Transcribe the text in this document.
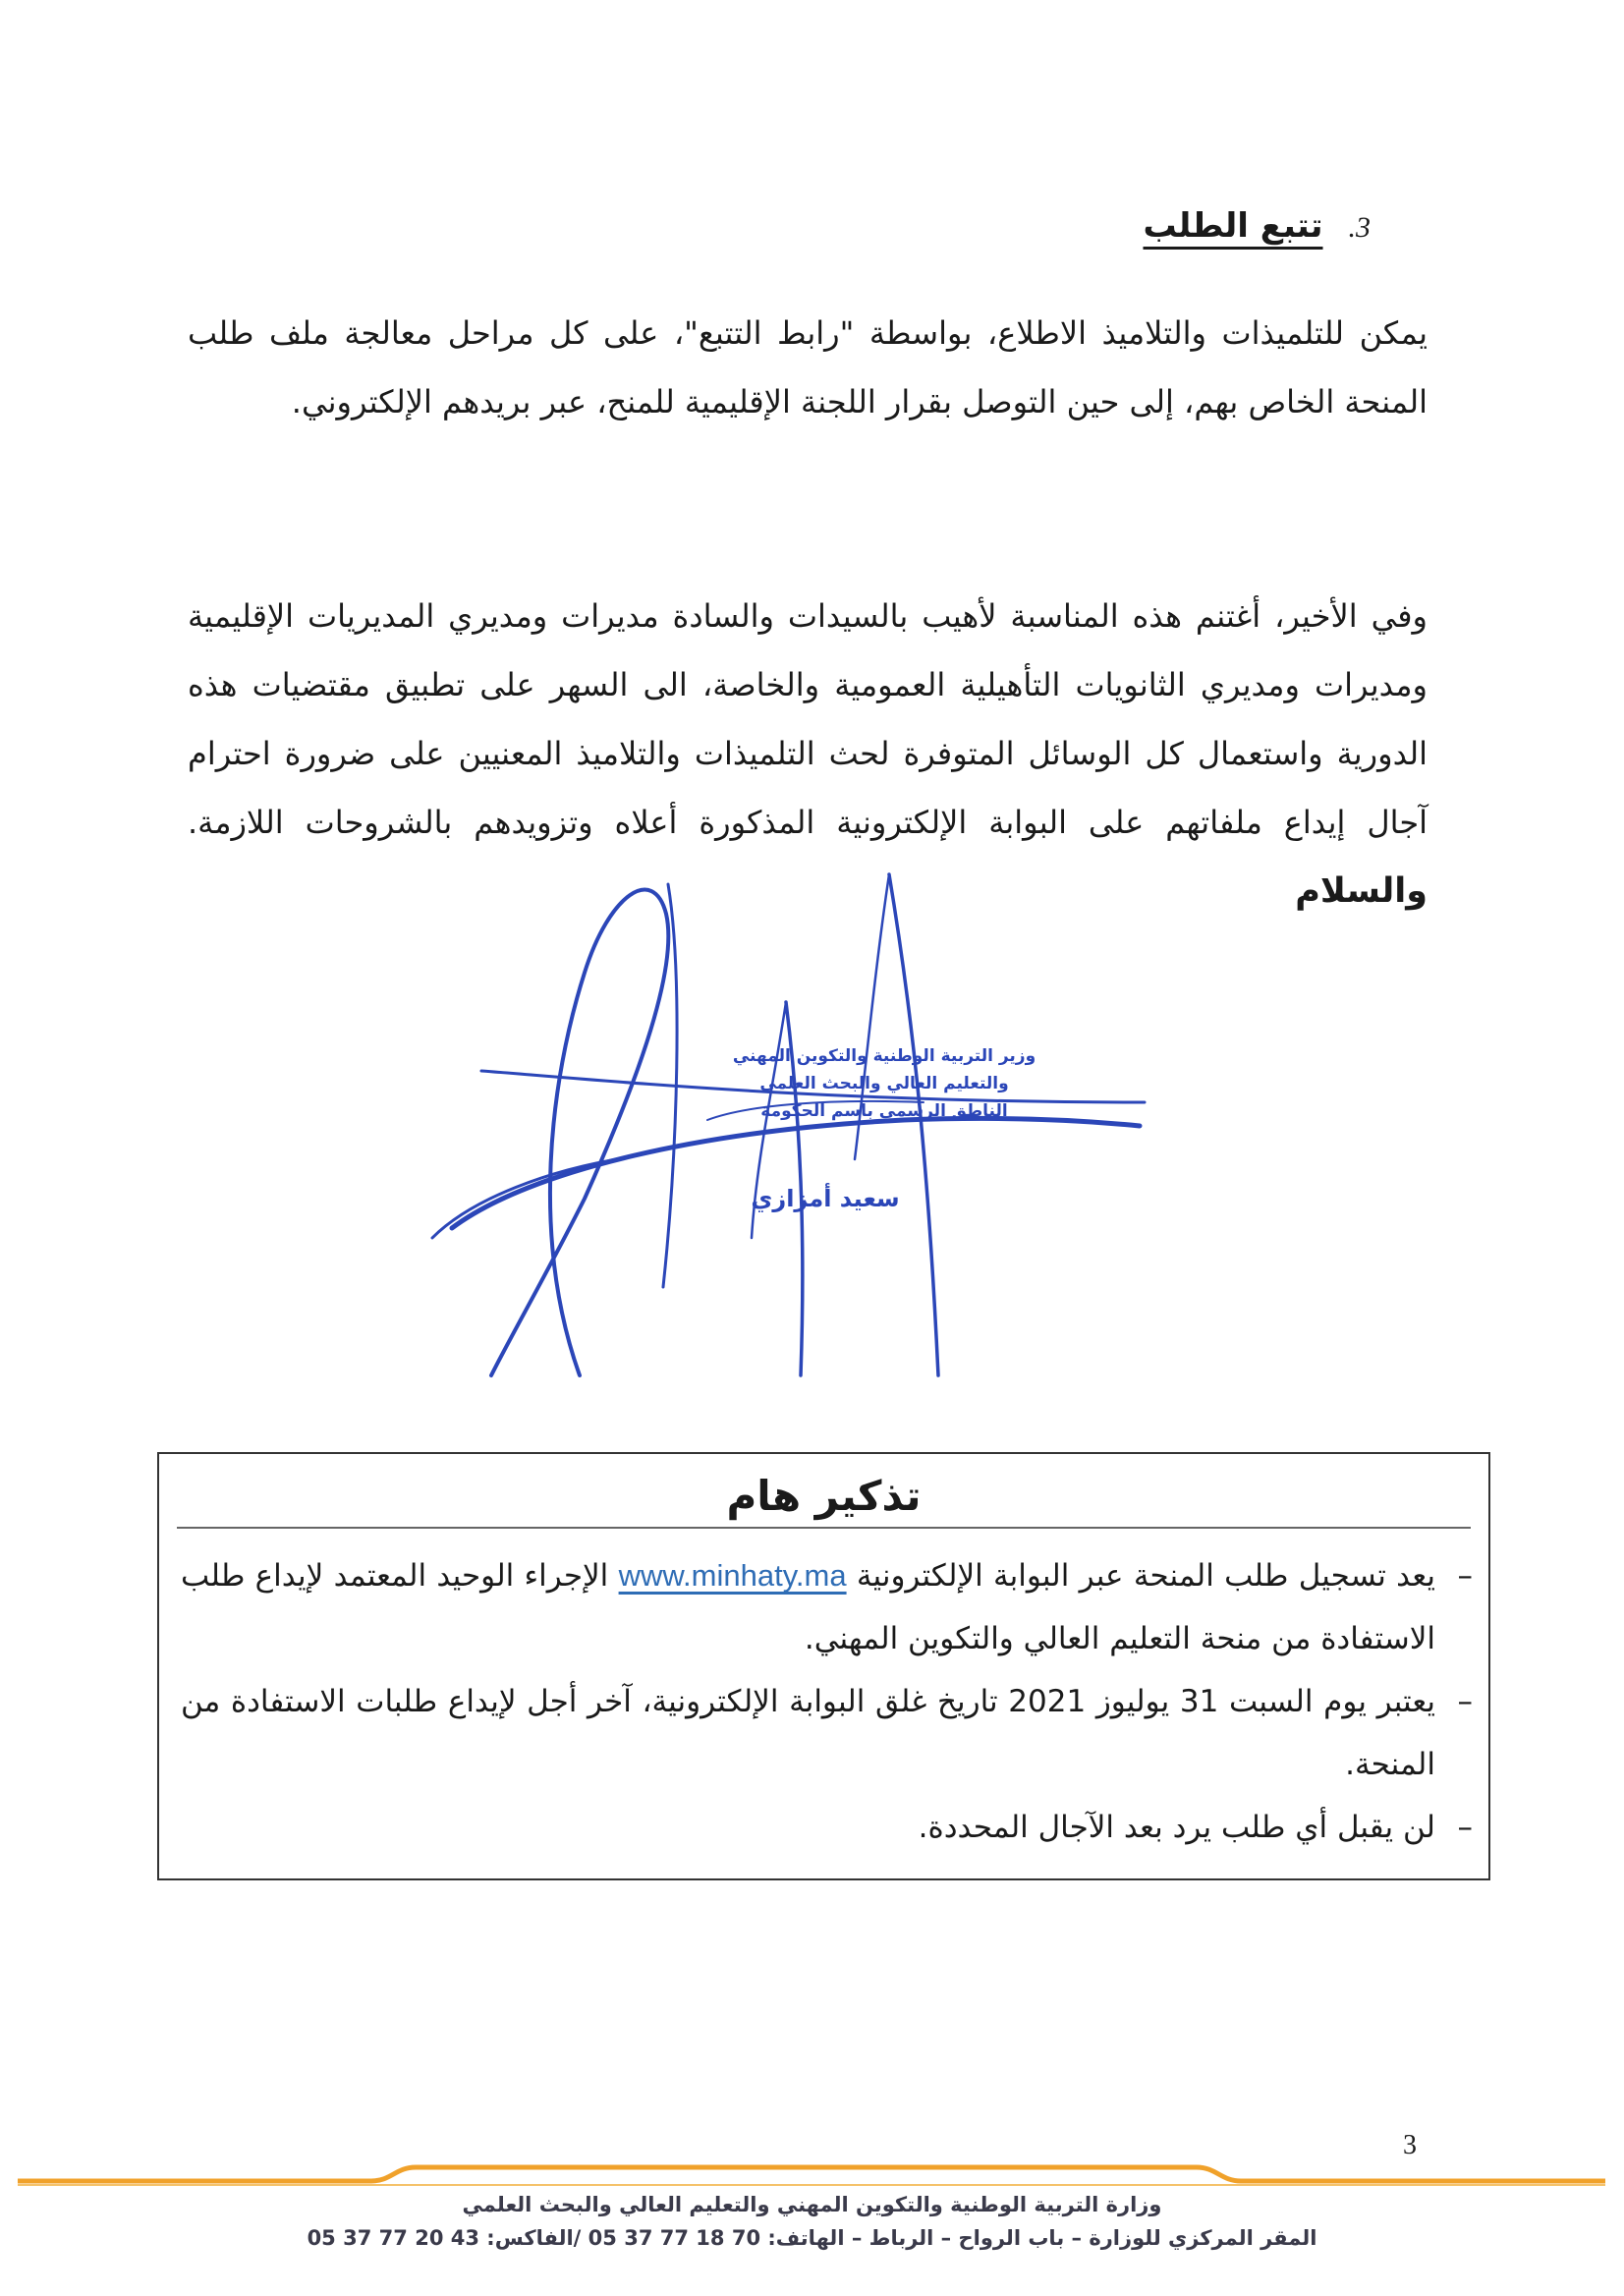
3.
تتبع الطلب

يمكن للتلميذات والتلاميذ الاطلاع، بواسطة "رابط التتبع"، على كل مراحل معالجة ملف طلب المنحة الخاص بهم، إلى حين التوصل بقرار اللجنة الإقليمية للمنح، عبر بريدهم الإلكتروني.

وفي الأخير، أغتنم هذه المناسبة لأهيب بالسيدات والسادة مديرات ومديري المديريات الإقليمية ومديرات ومديري الثانويات التأهيلية العمومية والخاصة، الى السهر على تطبيق مقتضيات هذه الدورية واستعمال كل الوسائل المتوفرة لحث التلميذات والتلاميذ المعنيين على ضرورة احترام آجال إيداع ملفاتهم على البوابة الإلكترونية المذكورة أعلاه وتزويدهم بالشروحات اللازمة. والسلام

وزير التربية الوطنية والتكوين المهني
والتعليم العالي والبحث العلمي
الناطق الرسمي باسم الحكومة
سعيد أمزازي
تذكير هام
–
يعد تسجيل طلب المنحة عبر البوابة الإلكترونية www.minhaty.ma الإجراء الوحيد المعتمد لإيداع طلب الاستفادة من منحة التعليم العالي والتكوين المهني.
–
يعتبر يوم السبت 31 يوليوز 2021 تاريخ غلق البوابة الإلكترونية، آخر أجل لإيداع طلبات الاستفادة من المنحة.
–
لن يقبل أي طلب يرد بعد الآجال المحددة.
3
وزارة التربية الوطنية والتكوين المهني والتعليم العالي والبحث العلمي
المقر المركزي للوزارة – باب الرواح – الرباط – الهاتف: 70 18 77 37 05 /الفاكس: 43 20 77 37 05
